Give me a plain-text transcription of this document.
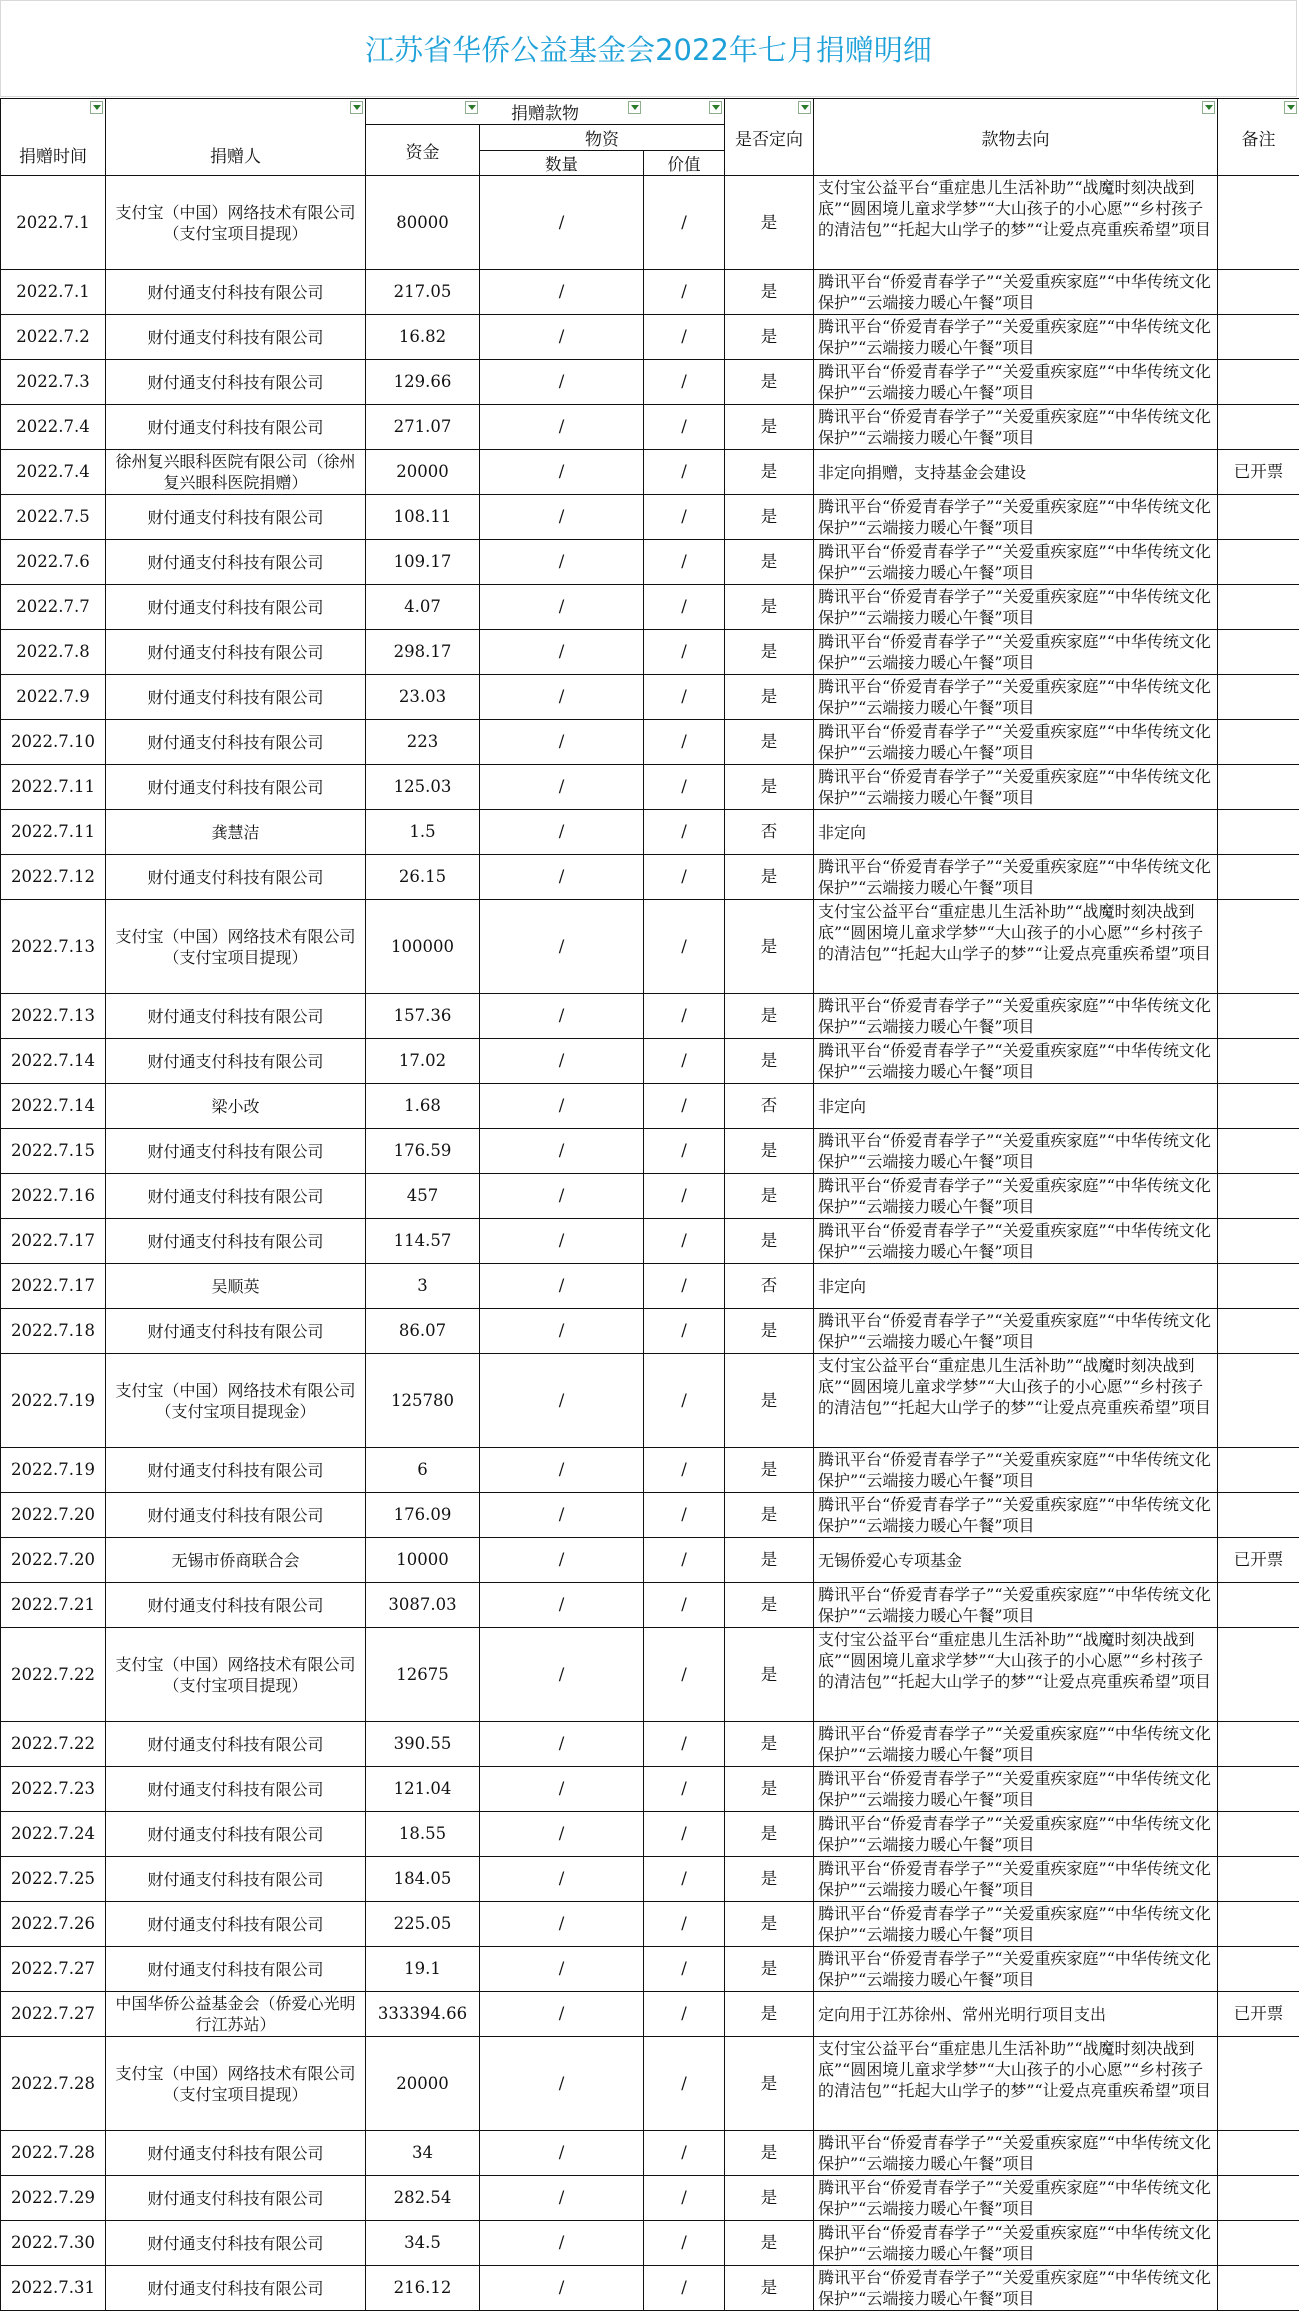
江苏省华侨公益基金会2022年七月捐赠明细
捐赠时间	捐赠人	捐赠款物			是否定向	款物去向	备注
		资金	物资				
			数量	价值			
2022.7.1	支付宝（中国）网络技术有限公司（支付宝项目提现）	80000	/	/	是	支付宝公益平台“重症患儿生活补助”“战魔时刻决战到底”“圆困境儿童求学梦”“大山孩子的小心愿”“乡村孩子的清洁包”“托起大山学子的梦”“让爱点亮重疾希望”项目	
2022.7.1	财付通支付科技有限公司	217.05	/	/	是	腾讯平台“侨爱青春学子”“关爱重疾家庭”“中华传统文化保护”“云端接力暖心午餐”项目	
2022.7.2	财付通支付科技有限公司	16.82	/	/	是	腾讯平台“侨爱青春学子”“关爱重疾家庭”“中华传统文化保护”“云端接力暖心午餐”项目	
2022.7.3	财付通支付科技有限公司	129.66	/	/	是	腾讯平台“侨爱青春学子”“关爱重疾家庭”“中华传统文化保护”“云端接力暖心午餐”项目	
2022.7.4	财付通支付科技有限公司	271.07	/	/	是	腾讯平台“侨爱青春学子”“关爱重疾家庭”“中华传统文化保护”“云端接力暖心午餐”项目	
2022.7.4	徐州复兴眼科医院有限公司（徐州复兴眼科医院捐赠）	20000	/	/	是	非定向捐赠，支持基金会建设	已开票
2022.7.5	财付通支付科技有限公司	108.11	/	/	是	腾讯平台“侨爱青春学子”“关爱重疾家庭”“中华传统文化保护”“云端接力暖心午餐”项目	
2022.7.6	财付通支付科技有限公司	109.17	/	/	是	腾讯平台“侨爱青春学子”“关爱重疾家庭”“中华传统文化保护”“云端接力暖心午餐”项目	
2022.7.7	财付通支付科技有限公司	4.07	/	/	是	腾讯平台“侨爱青春学子”“关爱重疾家庭”“中华传统文化保护”“云端接力暖心午餐”项目	
2022.7.8	财付通支付科技有限公司	298.17	/	/	是	腾讯平台“侨爱青春学子”“关爱重疾家庭”“中华传统文化保护”“云端接力暖心午餐”项目	
2022.7.9	财付通支付科技有限公司	23.03	/	/	是	腾讯平台“侨爱青春学子”“关爱重疾家庭”“中华传统文化保护”“云端接力暖心午餐”项目	
2022.7.10	财付通支付科技有限公司	223	/	/	是	腾讯平台“侨爱青春学子”“关爱重疾家庭”“中华传统文化保护”“云端接力暖心午餐”项目	
2022.7.11	财付通支付科技有限公司	125.03	/	/	是	腾讯平台“侨爱青春学子”“关爱重疾家庭”“中华传统文化保护”“云端接力暖心午餐”项目	
2022.7.11	龚慧洁	1.5	/	/	否	非定向	
2022.7.12	财付通支付科技有限公司	26.15	/	/	是	腾讯平台“侨爱青春学子”“关爱重疾家庭”“中华传统文化保护”“云端接力暖心午餐”项目	
2022.7.13	支付宝（中国）网络技术有限公司（支付宝项目提现）	100000	/	/	是	支付宝公益平台“重症患儿生活补助”“战魔时刻决战到底”“圆困境儿童求学梦”“大山孩子的小心愿”“乡村孩子的清洁包”“托起大山学子的梦”“让爱点亮重疾希望”项目	
2022.7.13	财付通支付科技有限公司	157.36	/	/	是	腾讯平台“侨爱青春学子”“关爱重疾家庭”“中华传统文化保护”“云端接力暖心午餐”项目	
2022.7.14	财付通支付科技有限公司	17.02	/	/	是	腾讯平台“侨爱青春学子”“关爱重疾家庭”“中华传统文化保护”“云端接力暖心午餐”项目	
2022.7.14	梁小改	1.68	/	/	否	非定向	
2022.7.15	财付通支付科技有限公司	176.59	/	/	是	腾讯平台“侨爱青春学子”“关爱重疾家庭”“中华传统文化保护”“云端接力暖心午餐”项目	
2022.7.16	财付通支付科技有限公司	457	/	/	是	腾讯平台“侨爱青春学子”“关爱重疾家庭”“中华传统文化保护”“云端接力暖心午餐”项目	
2022.7.17	财付通支付科技有限公司	114.57	/	/	是	腾讯平台“侨爱青春学子”“关爱重疾家庭”“中华传统文化保护”“云端接力暖心午餐”项目	
2022.7.17	吴顺英	3	/	/	否	非定向	
2022.7.18	财付通支付科技有限公司	86.07	/	/	是	腾讯平台“侨爱青春学子”“关爱重疾家庭”“中华传统文化保护”“云端接力暖心午餐”项目	
2022.7.19	支付宝（中国）网络技术有限公司（支付宝项目提现金）	125780	/	/	是	支付宝公益平台“重症患儿生活补助”“战魔时刻决战到底”“圆困境儿童求学梦”“大山孩子的小心愿”“乡村孩子的清洁包”“托起大山学子的梦”“让爱点亮重疾希望”项目	
2022.7.19	财付通支付科技有限公司	6	/	/	是	腾讯平台“侨爱青春学子”“关爱重疾家庭”“中华传统文化保护”“云端接力暖心午餐”项目	
2022.7.20	财付通支付科技有限公司	176.09	/	/	是	腾讯平台“侨爱青春学子”“关爱重疾家庭”“中华传统文化保护”“云端接力暖心午餐”项目	
2022.7.20	无锡市侨商联合会	10000	/	/	是	无锡侨爱心专项基金	已开票
2022.7.21	财付通支付科技有限公司	3087.03	/	/	是	腾讯平台“侨爱青春学子”“关爱重疾家庭”“中华传统文化保护”“云端接力暖心午餐”项目	
2022.7.22	支付宝（中国）网络技术有限公司（支付宝项目提现）	12675	/	/	是	支付宝公益平台“重症患儿生活补助”“战魔时刻决战到底”“圆困境儿童求学梦”“大山孩子的小心愿”“乡村孩子的清洁包”“托起大山学子的梦”“让爱点亮重疾希望”项目	
2022.7.22	财付通支付科技有限公司	390.55	/	/	是	腾讯平台“侨爱青春学子”“关爱重疾家庭”“中华传统文化保护”“云端接力暖心午餐”项目	
2022.7.23	财付通支付科技有限公司	121.04	/	/	是	腾讯平台“侨爱青春学子”“关爱重疾家庭”“中华传统文化保护”“云端接力暖心午餐”项目	
2022.7.24	财付通支付科技有限公司	18.55	/	/	是	腾讯平台“侨爱青春学子”“关爱重疾家庭”“中华传统文化保护”“云端接力暖心午餐”项目	
2022.7.25	财付通支付科技有限公司	184.05	/	/	是	腾讯平台“侨爱青春学子”“关爱重疾家庭”“中华传统文化保护”“云端接力暖心午餐”项目	
2022.7.26	财付通支付科技有限公司	225.05	/	/	是	腾讯平台“侨爱青春学子”“关爱重疾家庭”“中华传统文化保护”“云端接力暖心午餐”项目	
2022.7.27	财付通支付科技有限公司	19.1	/	/	是	腾讯平台“侨爱青春学子”“关爱重疾家庭”“中华传统文化保护”“云端接力暖心午餐”项目	
2022.7.27	中国华侨公益基金会（侨爱心光明行江苏站）	333394.66	/	/	是	定向用于江苏徐州、常州光明行项目支出	已开票
2022.7.28	支付宝（中国）网络技术有限公司（支付宝项目提现）	20000	/	/	是	支付宝公益平台“重症患儿生活补助”“战魔时刻决战到底”“圆困境儿童求学梦”“大山孩子的小心愿”“乡村孩子的清洁包”“托起大山学子的梦”“让爱点亮重疾希望”项目	
2022.7.28	财付通支付科技有限公司	34	/	/	是	腾讯平台“侨爱青春学子”“关爱重疾家庭”“中华传统文化保护”“云端接力暖心午餐”项目	
2022.7.29	财付通支付科技有限公司	282.54	/	/	是	腾讯平台“侨爱青春学子”“关爱重疾家庭”“中华传统文化保护”“云端接力暖心午餐”项目	
2022.7.30	财付通支付科技有限公司	34.5	/	/	是	腾讯平台“侨爱青春学子”“关爱重疾家庭”“中华传统文化保护”“云端接力暖心午餐”项目	
2022.7.31	财付通支付科技有限公司	216.12	/	/	是	腾讯平台“侨爱青春学子”“关爱重疾家庭”“中华传统文化保护”“云端接力暖心午餐”项目	
